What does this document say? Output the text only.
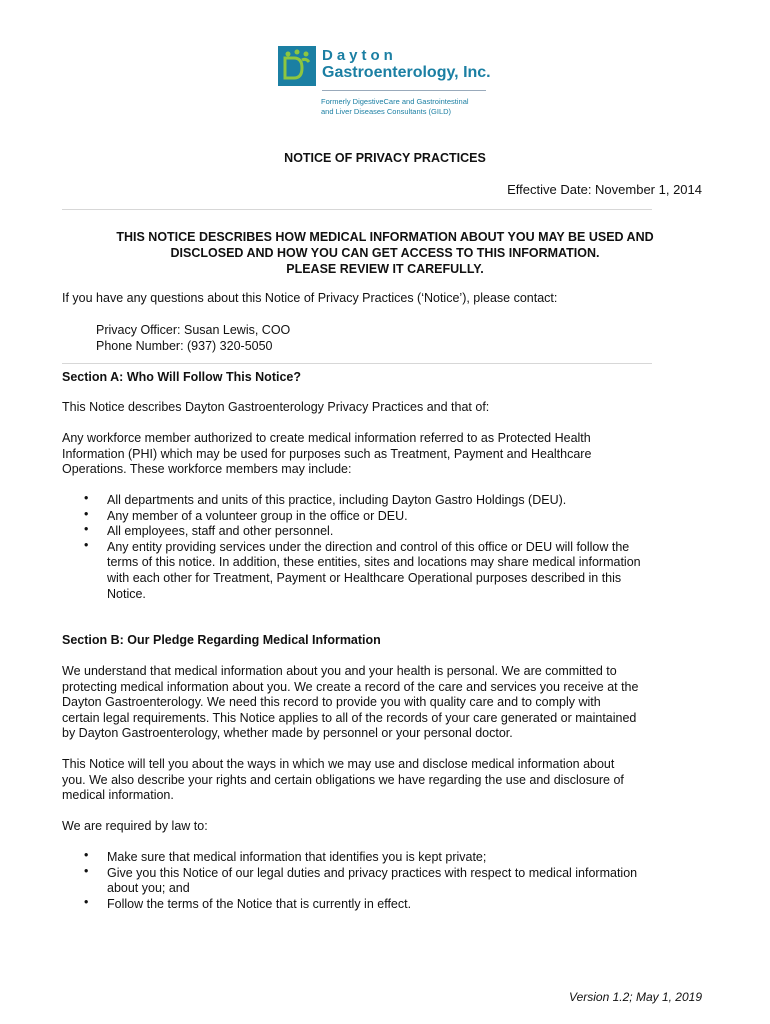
Dayton
Gastroenterology, Inc.
Formerly DigestiveCare and Gastrointestinal
and Liver Diseases Consultants (GILD)
NOTICE OF PRIVACY PRACTICES
Effective Date: November 1, 2014
THIS NOTICE DESCRIBES HOW MEDICAL INFORMATION ABOUT YOU MAY BE USED AND
DISCLOSED AND HOW YOU CAN GET ACCESS TO THIS INFORMATION.
PLEASE REVIEW IT CAREFULLY.
If you have any questions about this Notice of Privacy Practices (‘Notice’), please contact:
Privacy Officer: Susan Lewis, COO
Phone Number: (937) 320-5050
Section A: Who Will Follow This Notice?
This Notice describes Dayton Gastroenterology Privacy Practices and that of:
Any workforce member authorized to create medical information referred to as Protected Health
Information (PHI) which may be used for purposes such as Treatment, Payment and Healthcare
Operations. These workforce members may include:
• All departments and units of this practice, including Dayton Gastro Holdings (DEU).
• Any member of a volunteer group in the office or DEU.
• All employees, staff and other personnel.
• Any entity providing services under the direction and control of this office or DEU will follow the
terms of this notice. In addition, these entities, sites and locations may share medical information
with each other for Treatment, Payment or Healthcare Operational purposes described in this
Notice.
Section B: Our Pledge Regarding Medical Information
We understand that medical information about you and your health is personal. We are committed to
protecting medical information about you. We create a record of the care and services you receive at the
Dayton Gastroenterology. We need this record to provide you with quality care and to comply with
certain legal requirements. This Notice applies to all of the records of your care generated or maintained
by Dayton Gastroenterology, whether made by personnel or your personal doctor.
This Notice will tell you about the ways in which we may use and disclose medical information about
you. We also describe your rights and certain obligations we have regarding the use and disclosure of
medical information.
We are required by law to:
• Make sure that medical information that identifies you is kept private;
• Give you this Notice of our legal duties and privacy practices with respect to medical information
about you; and
• Follow the terms of the Notice that is currently in effect.
Version 1.2; May 1, 2019
